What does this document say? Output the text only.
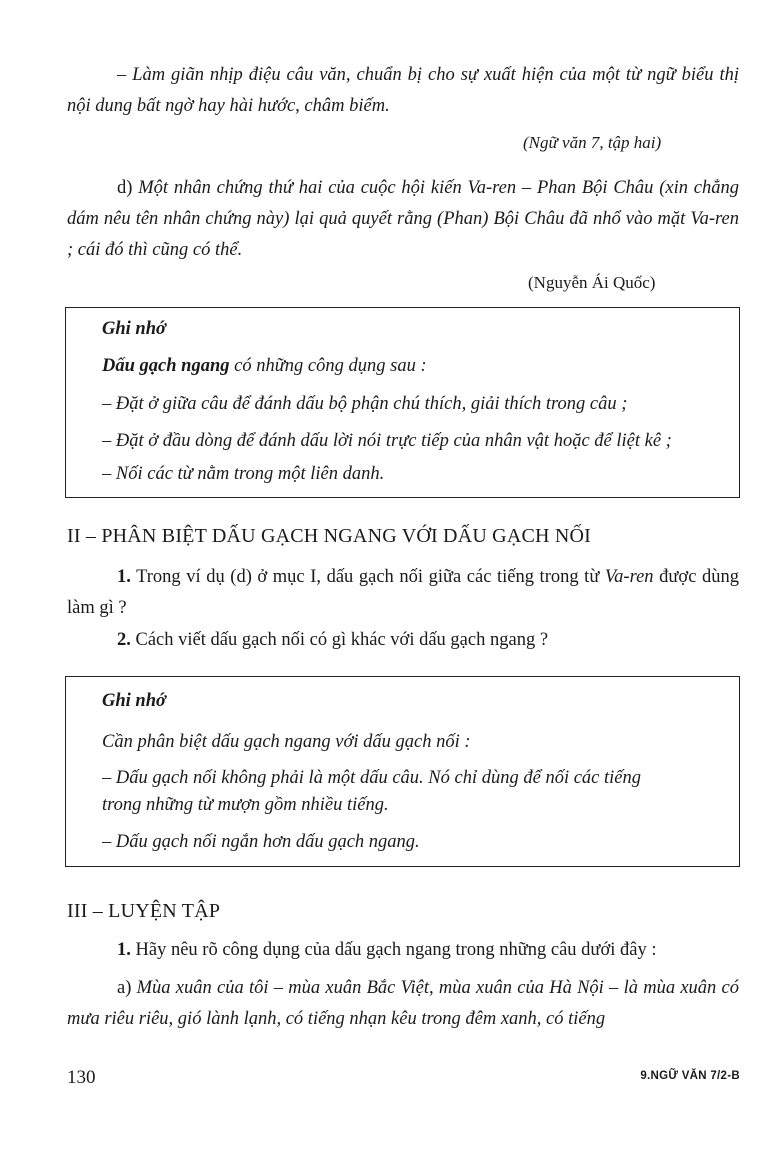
– Làm giãn nhịp điệu câu văn, chuẩn bị cho sự xuất hiện của một từ ngữ biểu thị nội dung bất ngờ hay hài hước, châm biếm.

(Ngữ văn 7, tập hai)

d) Một nhân chứng thứ hai của cuộc hội kiến Va-ren – Phan Bội Châu (xin chẳng dám nêu tên nhân chứng này) lại quả quyết rằng (Phan) Bội Châu đã nhổ vào mặt Va-ren ; cái đó thì cũng có thể.

(Nguyễn Ái Quốc)
Ghi nhớ
Dấu gạch ngang có những công dụng sau :
– Đặt ở giữa câu để đánh dấu bộ phận chú thích, giải thích trong câu ;
– Đặt ở đầu dòng để đánh dấu lời nói trực tiếp của nhân vật hoặc để liệt kê ;
– Nối các từ nằm trong một liên danh.
II – PHÂN BIỆT DẤU GẠCH NGANG VỚI DẤU GẠCH NỐI

1. Trong ví dụ (d) ở mục I, dấu gạch nối giữa các tiếng trong từ Va-ren được dùng làm gì ?

2. Cách viết dấu gạch nối có gì khác với dấu gạch ngang ?

Ghi nhớ
Cần phân biệt dấu gạch ngang với dấu gạch nối :
– Dấu gạch nối không phải là một dấu câu. Nó chỉ dùng để nối các tiếng
trong những từ mượn gồm nhiều tiếng.
– Dấu gạch nối ngắn hơn dấu gạch ngang.
III – LUYỆN TẬP

1. Hãy nêu rõ công dụng của dấu gạch ngang trong những câu dưới đây :

a) Mùa xuân của tôi – mùa xuân Bắc Việt, mùa xuân của Hà Nội – là mùa xuân có mưa riêu riêu, gió lành lạnh, có tiếng nhạn kêu trong đêm xanh, có tiếng

130	9.NGỮ VĂN 7/2-B
